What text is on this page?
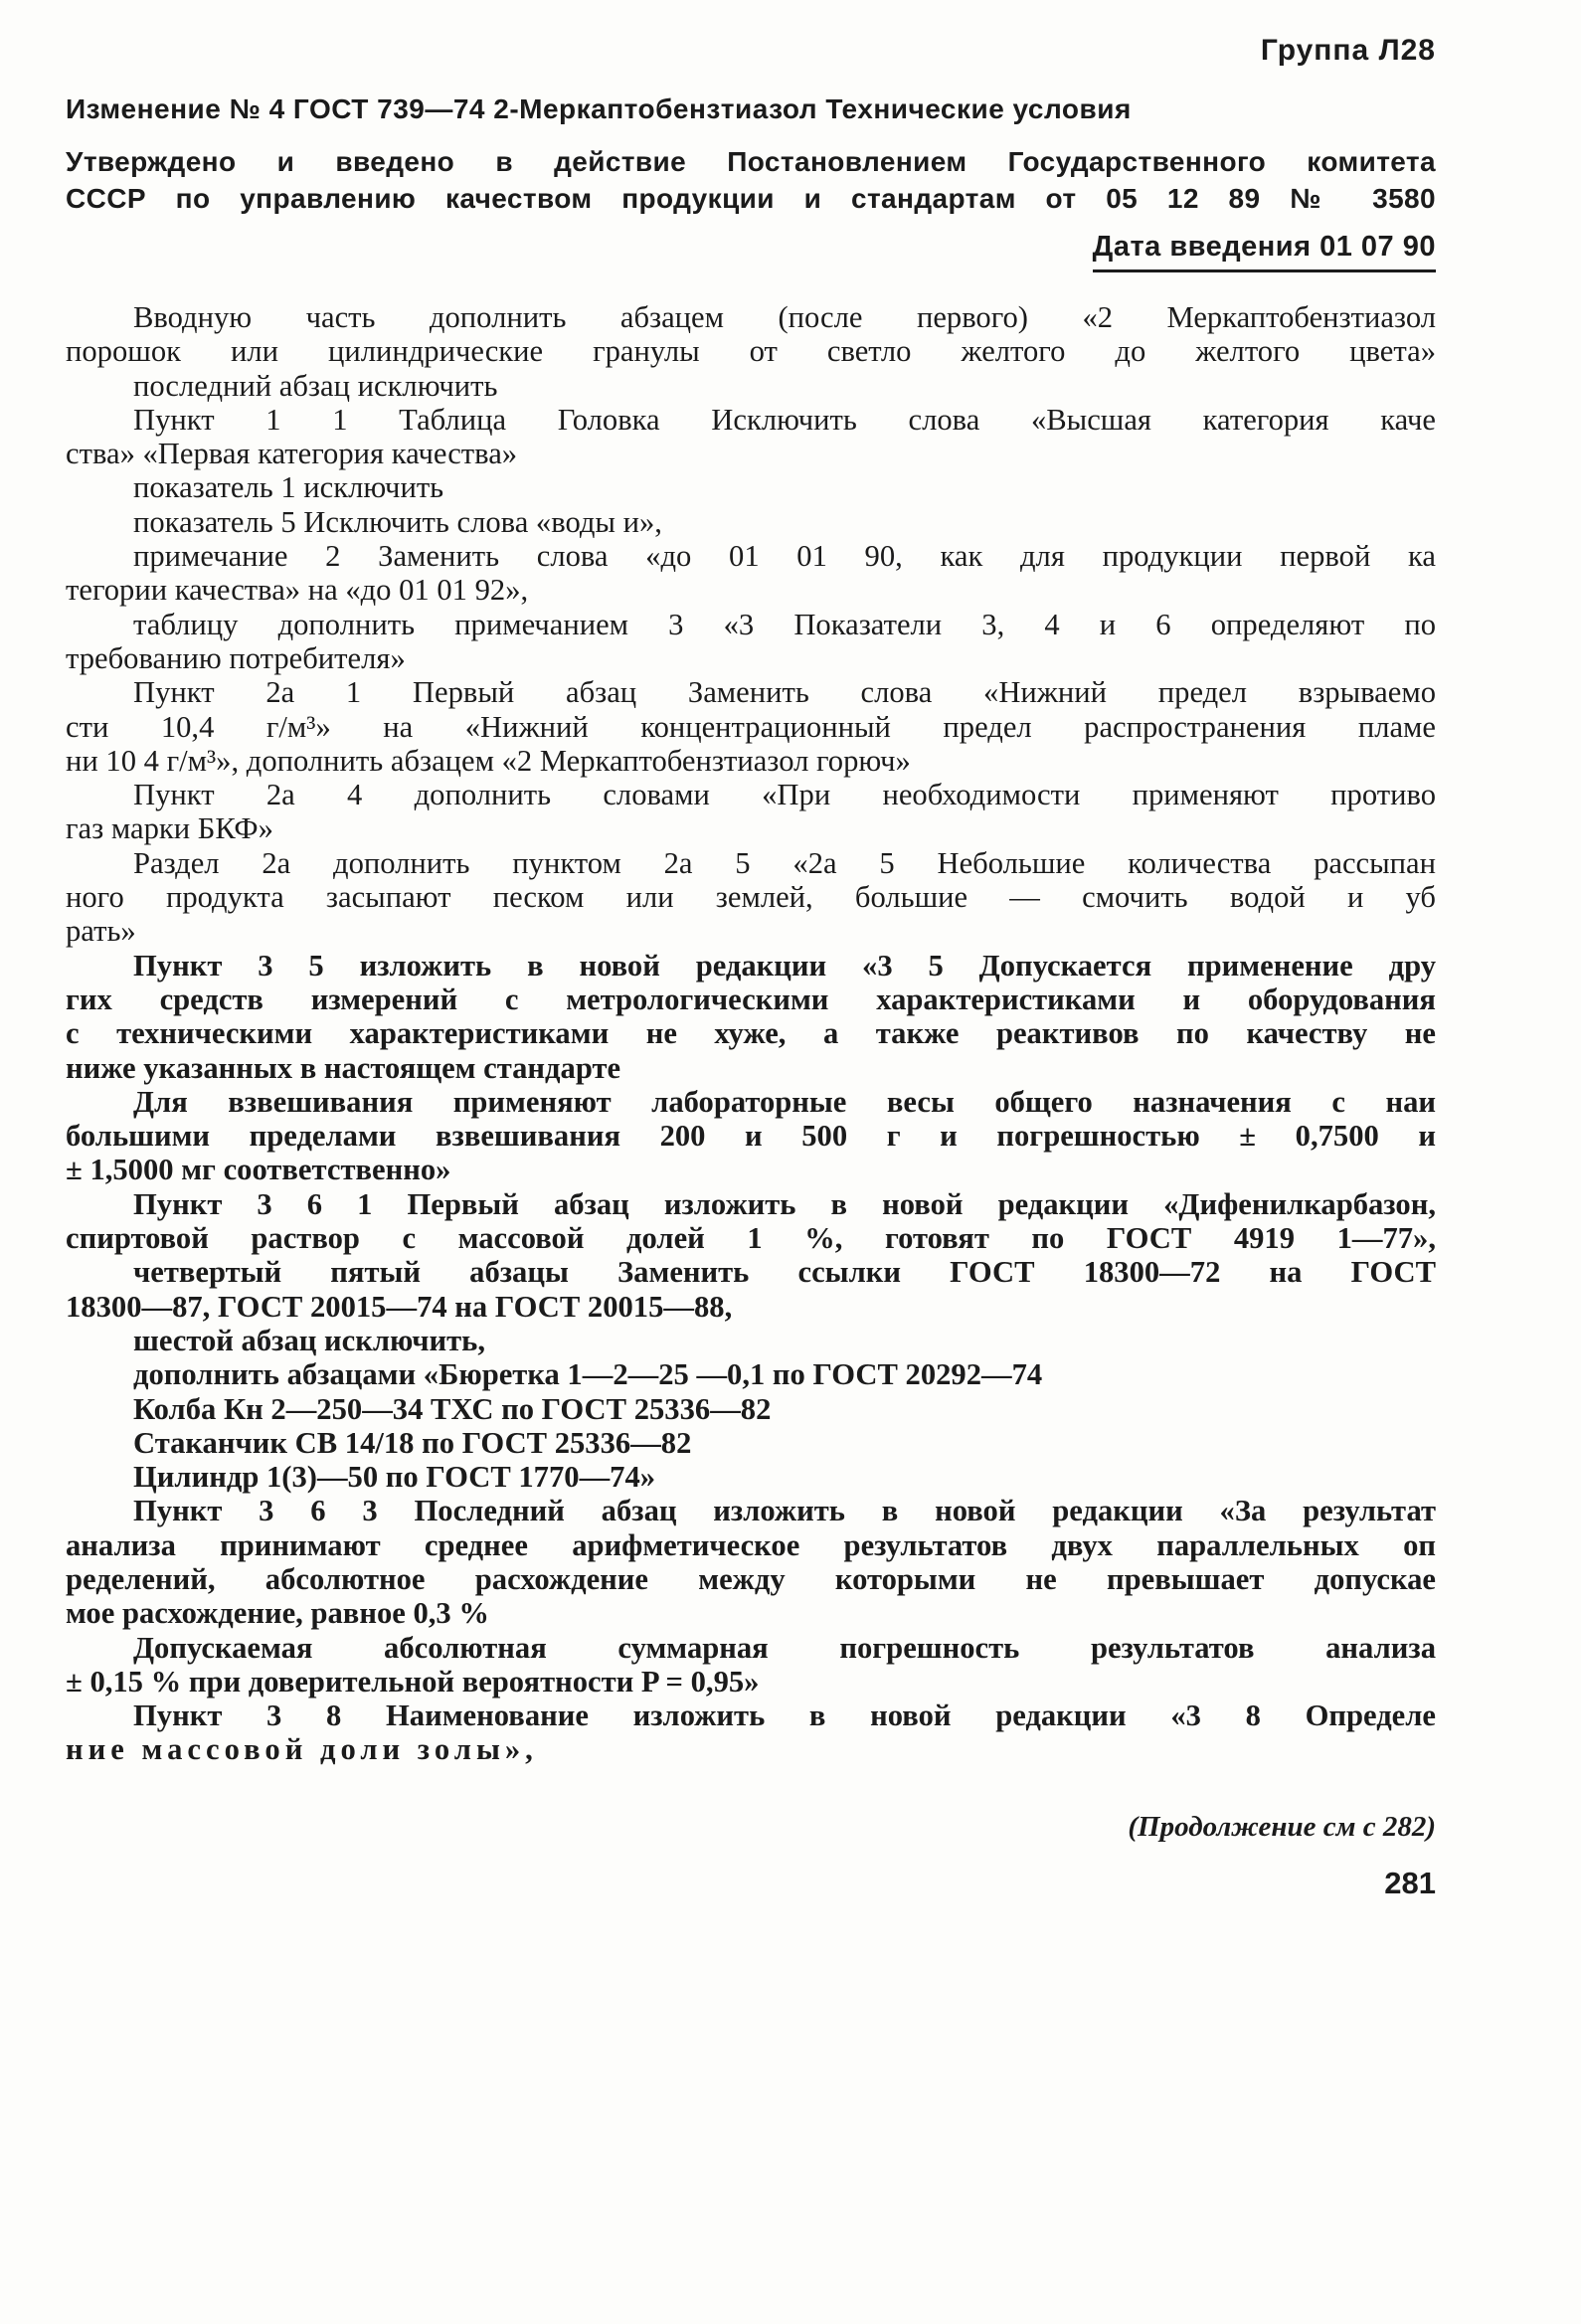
Группа Л28
Изменение № 4 ГОСТ 739—74 2-Меркаптобензтиазол Технические условия
Утверждено и введено в действие Постановлением Государственного комитета
СССР по управлению качеством продукции и стандартам от 05 12 89 № 3580
Дата введения 01 07 90

Вводную часть дополнить абзацем (после первого) «2 Меркаптобензтиазол

порошок или цилиндрические гранулы от светло желтого до желтого цвета»

последний абзац исключить

Пункт 1 1 Таблица Головка Исключить слова «Высшая категория каче

ства» «Первая категория качества»

показатель 1 исключить

показатель 5 Исключить слова «воды и»,

примечание 2 Заменить слова «до 01 01 90, как для продукции первой ка

тегории качества» на «до 01 01 92»,

таблицу дополнить примечанием 3 «3 Показатели 3, 4 и 6 определяют по

требованию потребителя»

Пункт 2а 1 Первый абзац Заменить слова «Нижний предел взрываемо

сти 10,4 г/м³» на «Нижний концентрационный предел распространения пламе

ни 10 4 г/м³», дополнить абзацем «2 Меркаптобензтиазол горюч»

Пункт 2а 4 дополнить словами «При необходимости применяют противо

газ марки БКФ»

Раздел 2а дополнить пунктом 2а 5 «2а 5 Небольшие количества рассыпан

ного продукта засыпают песком или землей, большие — смочить водой и уб

рать»

Пункт 3 5 изложить в новой редакции «3 5 Допускается применение дру

гих средств измерений с метрологическими характеристиками и оборудования

с техническими характеристиками не хуже, а также реактивов по качеству не

ниже указанных в настоящем стандарте

Для взвешивания применяют лабораторные весы общего назначения с наи

большими пределами взвешивания 200 и 500 г и погрешностью ± 0,7500 и

± 1,5000 мг соответственно»

Пункт 3 6 1 Первый абзац изложить в новой редакции «Дифенилкарбазон,

спиртовой раствор с массовой долей 1 %, готовят по ГОСТ 4919 1—77»,

четвертый пятый абзацы Заменить ссылки ГОСТ 18300—72 на ГОСТ

18300—87, ГОСТ 20015—74 на ГОСТ 20015—88,

шестой абзац исключить,

дополнить абзацами «Бюретка 1—2—25 —0,1 по ГОСТ 20292—74

Колба Кн 2—250—34 ТХС по ГОСТ 25336—82

Стаканчик СВ 14/18 по ГОСТ 25336—82

Цилиндр 1(3)—50 по ГОСТ 1770—74»

Пункт 3 6 3 Последний абзац изложить в новой редакции «За результат

анализа принимают среднее арифметическое результатов двух параллельных оп

ределений, абсолютное расхождение между которыми не превышает допускае

мое расхождение, равное 0,3 %

Допускаемая абсолютная суммарная погрешность результатов анализа

± 0,15 % при доверительной вероятности P = 0,95»

Пункт 3 8 Наименование изложить в новой редакции «3 8 Определе

ние массовой доли золы»,

(Продолжение см с 282)
281
